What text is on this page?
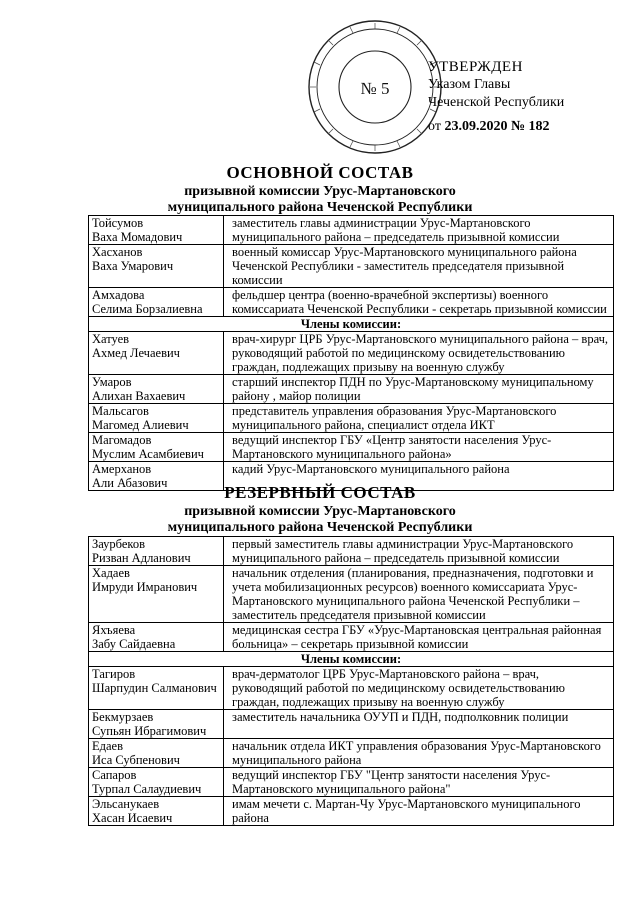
№ 5
УТВЕРЖДЕН
Указом Главы
Чеченской Республики
от 23.09.2020 № 182
ОСНОВНОЙ СОСТАВ
призывной комиссии Урус-Мартановского
муниципального района Чеченской Республики
Тойсумов
Ваха Момадович	заместитель главы администрации Урус-Мартановского муниципального района – председатель призывной комиссии

Хасханов
Ваха Умарович	военный комиссар Урус-Мартановского муниципального района Чеченской Республики - заместитель председателя призывной комиссии

Амхадова
Селима Борзалиевна	фельдшер центра (военно-врачебной экспертизы) военного комиссариата Чеченской Республики - секретарь призывной комиссии
Члены комиссии:	

Хатуев
Ахмед Лечаевич	врач-хирург ЦРБ Урус-Мартановского муниципального района – врач, руководящий работой по медицинскому освидетельствованию граждан, подлежащих призыву на военную службу

Умаров
Алихан Вахаевич	старший инспектор ПДН по Урус-Мартановскому муниципальному району , майор полиции

Мальсагов
Магомед Алиевич	представитель управления образования Урус-Мартановского муниципального района, специалист отдела ИКТ

Магомадов
Муслим Асамбиевич	ведущий инспектор ГБУ «Центр занятости населения Урус-Мартановского муниципального района»

Амерханов
Али Абазович	кадий Урус-Мартановского муниципального района
РЕЗЕРВНЫЙ СОСТАВ
призывной комиссии Урус-Мартановского
муниципального района Чеченской Республики
Заурбеков
Ризван Адланович	первый заместитель главы администрации Урус-Мартановского муниципального района – председатель призывной комиссии

Хадаев
Имруди Имранович	начальник отделения (планирования, предназначения, подготовки и учета мобилизационных ресурсов) военного комиссариата Урус-Мартановского муниципального района Чеченской Республики – заместитель председателя призывной комиссии

Яхъяева
Забу Сайдаевна	медицинская сестра ГБУ «Урус-Мартановская центральная районная больница» – секретарь призывной комиссии
Члены комиссии:	

Тагиров
Шарпудин Салманович	врач-дерматолог ЦРБ Урус-Мартановского района – врач, руководящий работой по медицинскому освидетельствованию граждан, подлежащих призыву на военную службу

Бекмурзаев
Супьян Ибрагимович	заместитель начальника ОУУП и ПДН, подполковник полиции

Едаев
Иса Субпенович	начальник отдела ИКТ управления образования Урус-Мартановского муниципального района

Сапаров
Турпал Салаудиевич	ведущий инспектор ГБУ "Центр занятости населения Урус-Мартановского муниципального района"

Эльсанукаев
Хасан Исаевич	имам мечети с. Мартан-Чу Урус-Мартановского муниципального района
